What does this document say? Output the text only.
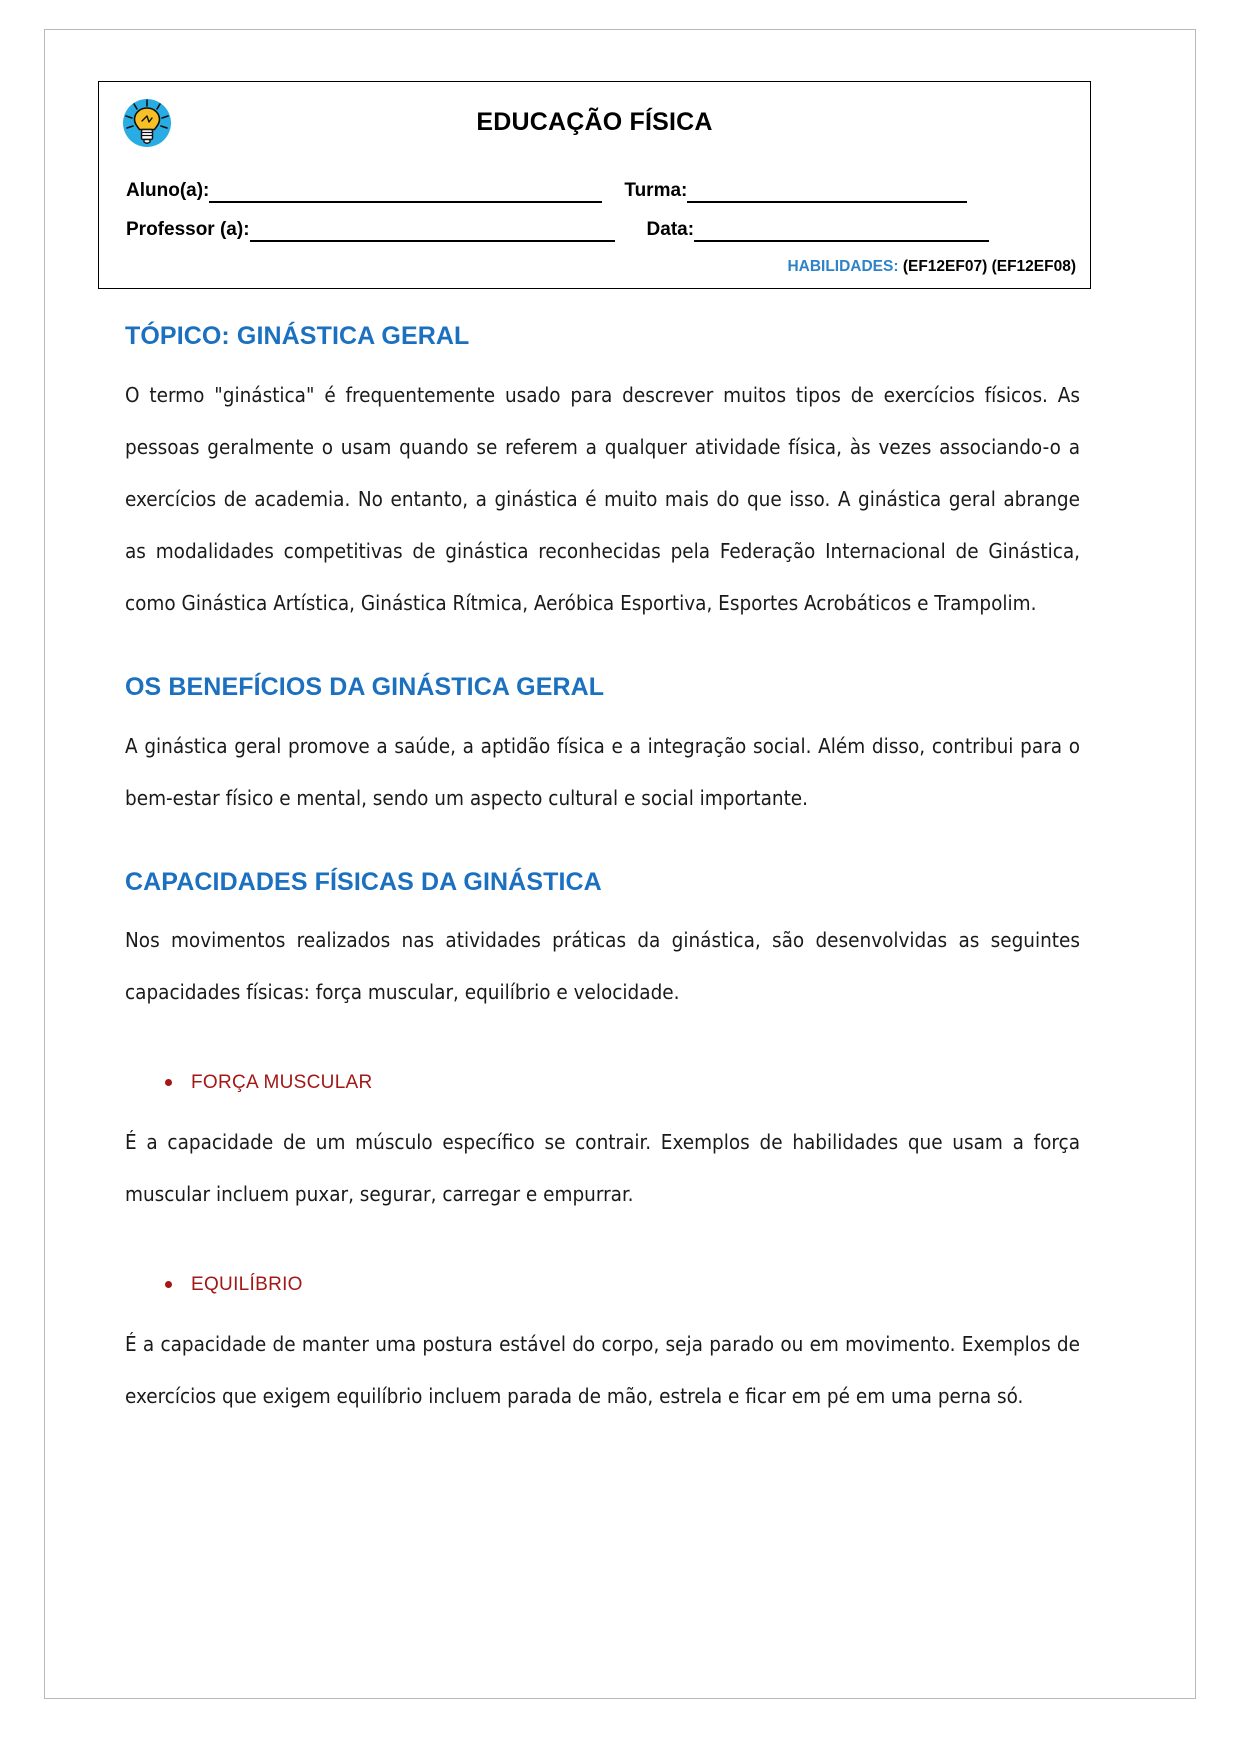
EDUCAÇÃO FÍSICA
Aluno(a):	Turma:
Professor (a):	Data:
HABILIDADES: (EF12EF07) (EF12EF08)
TÓPICO: GINÁSTICA GERAL

O termo "ginástica" é frequentemente usado para descrever muitos tipos de exercícios físicos. As pessoas geralmente o usam quando se referem a qualquer atividade física, às vezes associando-o a exercícios de academia. No entanto, a ginástica é muito mais do que isso. A ginástica geral abrange as modalidades competitivas de ginástica reconhecidas pela Federação Internacional de Ginástica, como Ginástica Artística, Ginástica Rítmica, Aeróbica Esportiva, Esportes Acrobáticos e Trampolim.

OS BENEFÍCIOS DA GINÁSTICA GERAL

A ginástica geral promove a saúde, a aptidão física e a integração social. Além disso, contribui para o bem-estar físico e mental, sendo um aspecto cultural e social importante.

CAPACIDADES FÍSICAS DA GINÁSTICA

Nos movimentos realizados nas atividades práticas da ginástica, são desenvolvidas as seguintes capacidades físicas: força muscular, equilíbrio e velocidade.

FORÇA MUSCULAR

É a capacidade de um músculo específico se contrair. Exemplos de habilidades que usam a força muscular incluem puxar, segurar, carregar e empurrar.

EQUILÍBRIO

É a capacidade de manter uma postura estável do corpo, seja parado ou em movimento. Exemplos de exercícios que exigem equilíbrio incluem parada de mão, estrela e ficar em pé em uma perna só.
